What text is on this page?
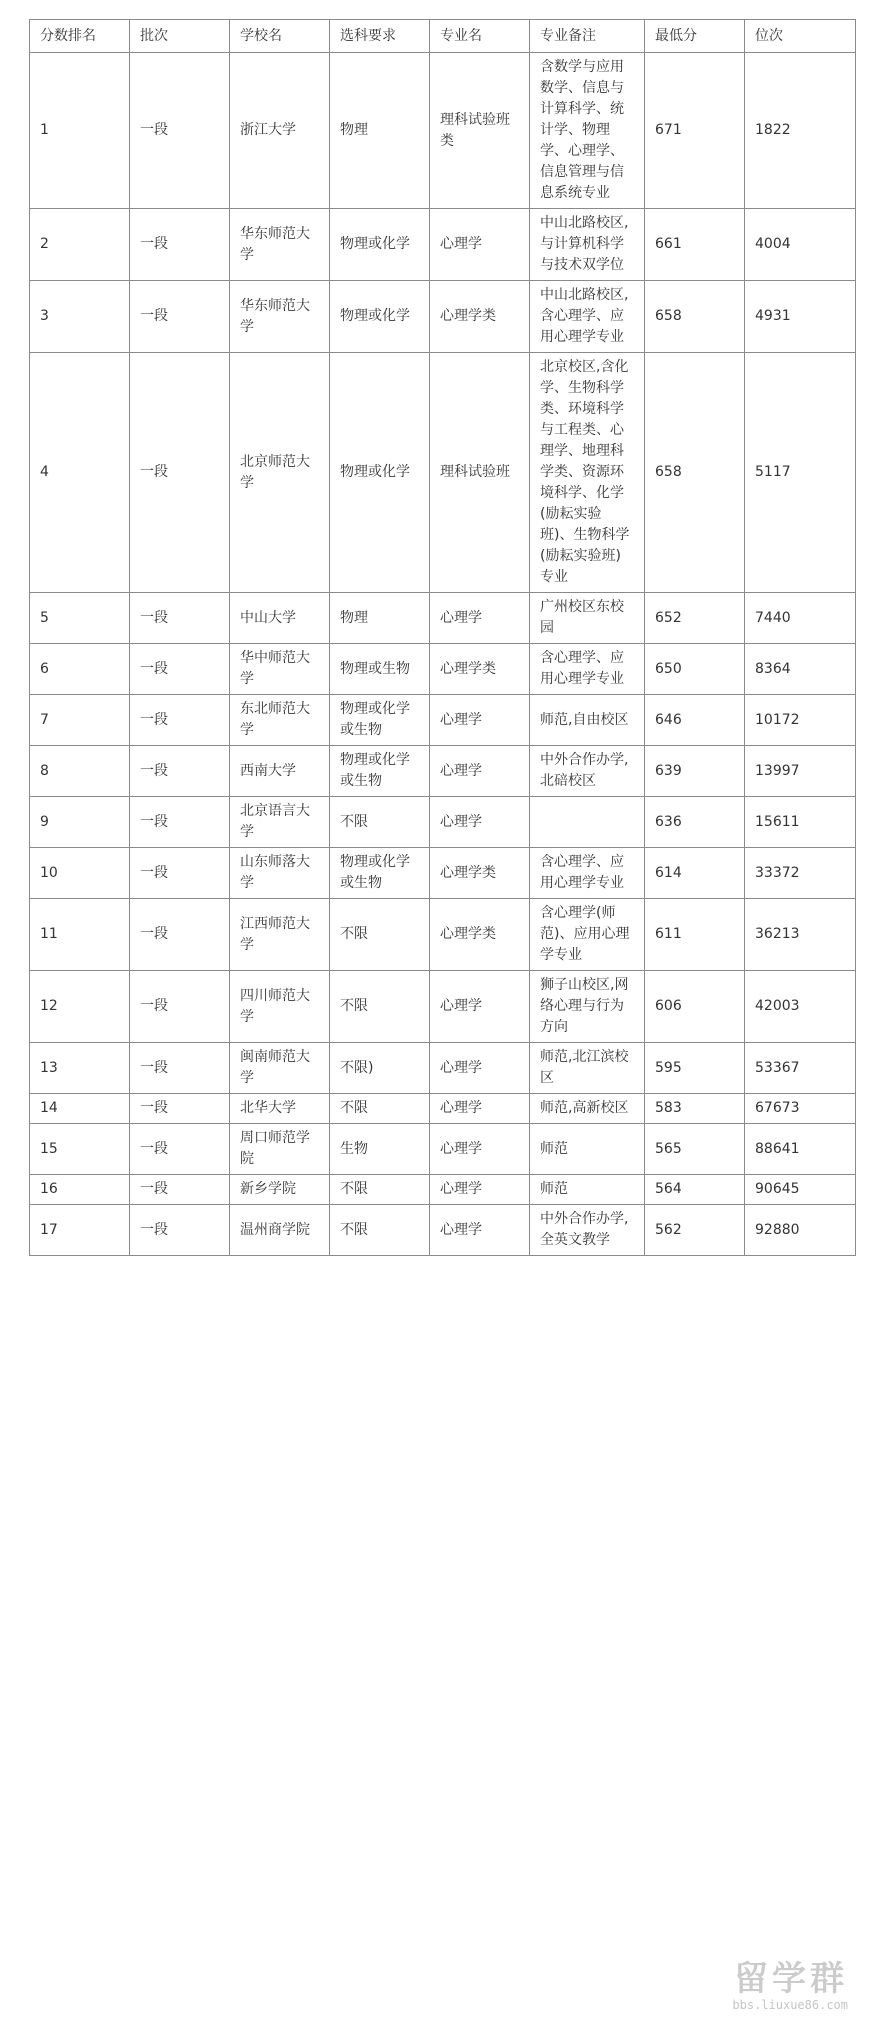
分数排名	批次	学校名	选科要求	专业名	专业备注	最低分	位次
1	一段	浙江大学	物理	理科试验班类	含数学与应用数学、信息与计算科学、统计学、物理学、心理学、信息管理与信息系统专业	671	1822
2	一段	华东师范大学	物理或化学	心理学	中山北路校区,与计算机科学与技术双学位	661	4004
3	一段	华东师范大学	物理或化学	心理学类	中山北路校区,含心理学、应用心理学专业	658	4931
4	一段	北京师范大学	物理或化学	理科试验班	北京校区,含化学、生物科学类、环境科学与工程类、心理学、地理科学类、资源环境科学、化学(励耘实验班)、生物科学(励耘实验班)专业	658	5117
5	一段	中山大学	物理	心理学	广州校区东校园	652	7440
6	一段	华中师范大学	物理或生物	心理学类	含心理学、应用心理学专业	650	8364
7	一段	东北师范大学	物理或化学或生物	心理学	师范,自由校区	646	10172
8	一段	西南大学	物理或化学或生物	心理学	中外合作办学,北碚校区	639	13997
9	一段	北京语言大学	不限	心理学		636	15611
10	一段	山东师落大学	物理或化学或生物	心理学类	含心理学、应用心理学专业	614	33372
11	一段	江西师范大学	不限	心理学类	含心理学(师范)、应用心理学专业	611	36213
12	一段	四川师范大学	不限	心理学	狮子山校区,网络心理与行为方向	606	42003
13	一段	闽南师范大学	不限)	心理学	师范,北江滨校区	595	53367
14	一段	北华大学	不限	心理学	师范,高新校区	583	67673
15	一段	周口师范学院	生物	心理学	师范	565	88641
16	一段	新乡学院	不限	心理学	师范	564	90645
17	一段	温州商学院	不限	心理学	中外合作办学,全英文教学	562	92880
留学群
bbs.liuxue86.com
